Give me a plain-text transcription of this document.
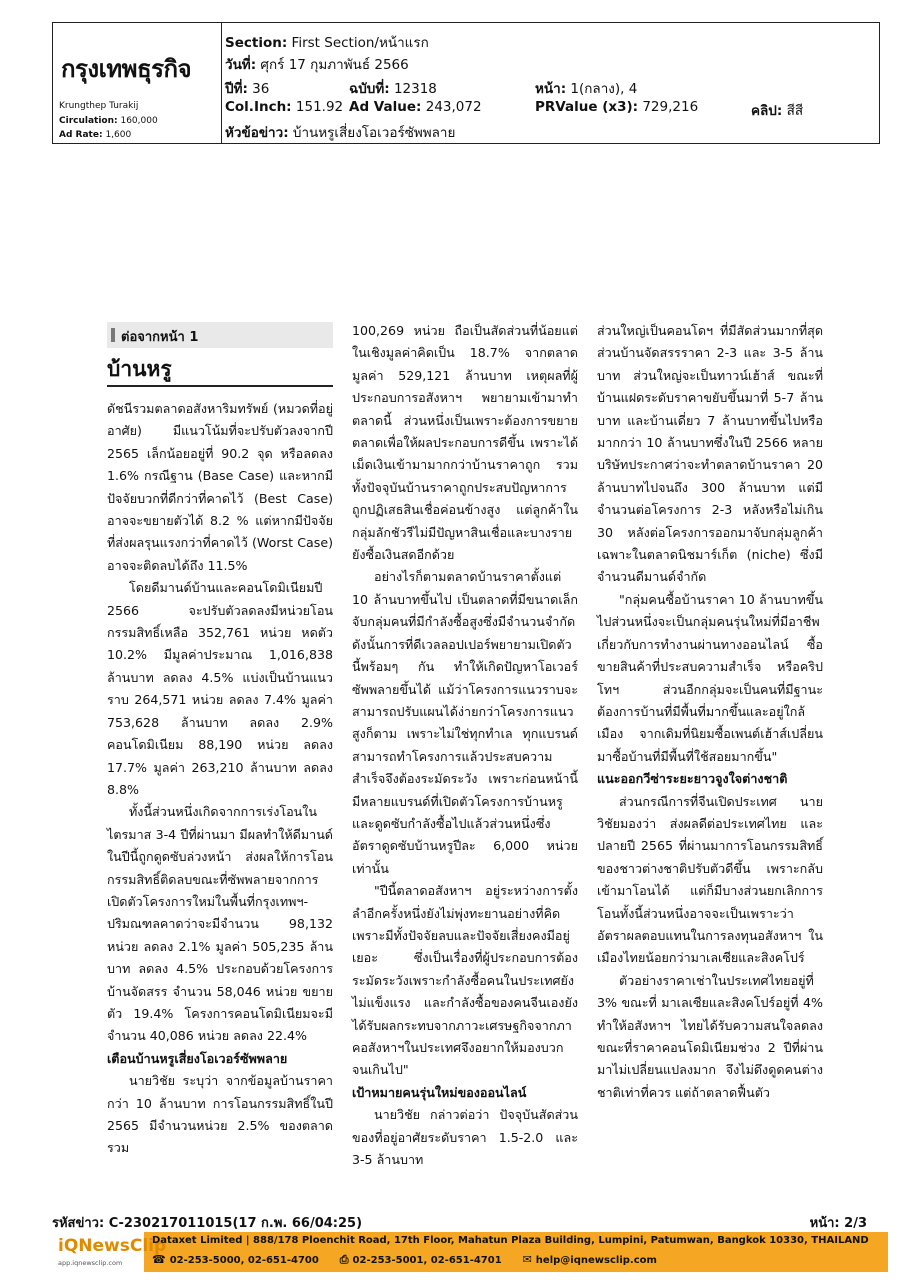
กรุงเทพธุรกิจ
Krungthep Turakij
Circulation: 160,000
Ad Rate: 1,600
Section: First Section/หน้าแรก
วันที่: ศุกร์ 17 กุมภาพันธ์ 2566
ปีที่: 36	ฉบับที่: 12318	หน้า: 1(กลาง), 4
Col.Inch: 151.92 Ad Value: 243,072	PRValue (x3): 729,216	คลิป: สีสี
หัวข้อข่าว: บ้านหรูเสี่ยงโอเวอร์ซัพพลาย
ต่อจากหน้า 1
บ้านหรู

ดัชนีรวมตลาดอสังหาริมทรัพย์ (หมวดที่อยู่อาศัย) มีแนวโน้มที่จะปรับตัวลงจากปี 2565 เล็กน้อยอยู่ที่ 90.2 จุด หรือลดลง 1.6% กรณีฐาน (Base Case) และหากมีปัจจัยบวกที่ดีกว่าที่คาดไว้ (Best Case) อาจจะขยายตัวได้ 8.2 % แต่หากมีปัจจัยที่ส่งผลรุนแรงกว่าที่คาดไว้ (Worst Case) อาจจะติดลบได้ถึง 11.5%

โดยดีมานด์บ้านและคอนโดมิเนียมปี 2566 จะปรับตัวลดลงมีหน่วยโอนกรรมสิทธิ์เหลือ 352,761 หน่วย หดตัว 10.2% มีมูลค่าประมาณ 1,016,838 ล้านบาท ลดลง 4.5% แบ่งเป็นบ้านแนวราบ 264,571 หน่วย ลดลง 7.4% มูลค่า 753,628 ล้านบาท ลดลง 2.9% คอนโดมิเนียม 88,190 หน่วย ลดลง 17.7% มูลค่า 263,210 ล้านบาท ลดลง 8.8%

ทั้งนี้ส่วนหนึ่งเกิดจากการเร่งโอนในไตรมาส 3-4 ปีที่ผ่านมา มีผลทำให้ดีมานด์ในปีนี้ถูกดูดซับล่วงหน้า ส่งผลให้การโอนกรรมสิทธิ์ติดลบขณะที่ซัพพลายจากการเปิดตัวโครงการใหม่ในพื้นที่กรุงเทพฯ-ปริมณฑลคาดว่าจะมีจำนวน 98,132 หน่วย ลดลง 2.1% มูลค่า 505,235 ล้านบาท ลดลง 4.5% ประกอบด้วยโครงการบ้านจัดสรร จำนวน 58,046 หน่วย ขยายตัว 19.4% โครงการคอนโดมิเนียมจะมีจำนวน 40,086 หน่วย ลดลง 22.4%

เตือนบ้านหรูเสี่ยงโอเวอร์ซัพพลาย

นายวิชัย ระบุว่า จากข้อมูลบ้านราคากว่า 10 ล้านบาท การโอนกรรมสิทธิ์ในปี 2565 มีจำนวนหน่วย 2.5% ของตลาดรวม

100,269 หน่วย ถือเป็นสัดส่วนที่น้อยแต่ในเชิงมูลค่าคิดเป็น 18.7% จากตลาดมูลค่า 529,121 ล้านบาท เหตุผลที่ผู้ประกอบการอสังหาฯ พยายามเข้ามาทำตลาดนี้ ส่วนหนึ่งเป็นเพราะต้องการขยายตลาดเพื่อให้ผลประกอบการดีขึ้น เพราะได้เม็ดเงินเข้ามามากกว่าบ้านราคาถูก รวมทั้งปัจจุบันบ้านราคาถูกประสบปัญหาการถูกปฏิเสธสินเชื่อค่อนข้างสูง แต่ลูกค้าในกลุ่มลักชัวรีไม่มีปัญหาสินเชื่อและบางรายยังซื้อเงินสดอีกด้วย

อย่างไรก็ตามตลาดบ้านราคาตั้งแต่ 10 ล้านบาทขึ้นไป เป็นตลาดที่มีขนาดเล็กจับกลุ่มคนที่มีกำลังซื้อสูงซึ่งมีจำนวนจำกัด ดังนั้นการที่ดีเวลลอปเปอร์พยายามเปิดตัวนี้พร้อมๆ กัน ทำให้เกิดปัญหาโอเวอร์ซัพพลายขึ้นได้ แม้ว่าโครงการแนวราบจะสามารถปรับแผนได้ง่ายกว่าโครงการแนวสูงก็ตาม เพราะไม่ใช่ทุกทำเล ทุกแบรนด์สามารถทำโครงการแล้วประสบความสำเร็จจึงต้องระมัดระวัง เพราะก่อนหน้านี้มีหลายแบรนด์ที่เปิดตัวโครงการบ้านหรูและดูดซับกำลังซื้อไปแล้วส่วนหนึ่งซึ่งอัตราดูดซับบ้านหรูปีละ 6,000 หน่วยเท่านั้น

"ปีนี้ตลาดอสังหาฯ อยู่ระหว่างการตั้งลำอีกครั้งหนึ่งยังไม่พุ่งทะยานอย่างที่คิดเพราะมีทั้งปัจจัยลบและปัจจัยเสี่ยงคงมีอยู่เยอะ ซึ่งเป็นเรื่องที่ผู้ประกอบการต้องระมัดระวังเพราะกำลังซื้อคนในประเทศยังไม่แข็งแรง และกำลังซื้อของคนจีนเองยังได้รับผลกระทบจากภาวะเศรษฐกิจจากภาคอสังหาฯในประเทศจึงอยากให้มองบวกจนเกินไป"

เป้าหมายคนรุ่นใหม่ของออนไลน์

นายวิชัย กล่าวต่อว่า ปัจจุบันสัดส่วนของที่อยู่อาศัยระดับราคา 1.5-2.0 และ 3-5 ล้านบาท

ส่วนใหญ่เป็นคอนโดฯ ที่มีสัดส่วนมากที่สุด ส่วนบ้านจัดสรรราคา 2-3 และ 3-5 ล้านบาท ส่วนใหญ่จะเป็นทาวน์เฮ้าส์ ขณะที่บ้านแฝดระดับราคาขยับขึ้นมาที่ 5-7 ล้านบาท และบ้านเดี่ยว 7 ล้านบาทขึ้นไปหรือมากกว่า 10 ล้านบาทซึ่งในปี 2566 หลายบริษัทประกาศว่าจะทำตลาดบ้านราคา 20 ล้านบาทไปจนถึง 300 ล้านบาท แต่มีจำนวนต่อโครงการ 2-3 หลังหรือไม่เกิน 30 หลังต่อโครงการออกมาจับกลุ่มลูกค้าเฉพาะในตลาดนิชมาร์เก็ต (niche) ซึ่งมีจำนวนดีมานด์จำกัด

"กลุ่มคนซื้อบ้านราคา 10 ล้านบาทขึ้นไปส่วนหนึ่งจะเป็นกลุ่มคนรุ่นใหม่ที่มีอาชีพเกี่ยวกับการทำงานผ่านทางออนไลน์ ซื้อขายสินค้าที่ประสบความสำเร็จ หรือคริปโทฯ ส่วนอีกกลุ่มจะเป็นคนที่มีฐานะต้องการบ้านที่มีพื้นที่มากขึ้นและอยู่ใกล้เมือง จากเดิมที่นิยมซื้อเพนต์เฮ้าส์เปลี่ยนมาซื้อบ้านที่มีพื้นที่ใช้สอยมากขึ้น"

แนะออกวีซ่าระยะยาวจูงใจต่างชาติ

ส่วนกรณีการที่จีนเปิดประเทศ นายวิชัยมองว่า ส่งผลดีต่อประเทศไทย และปลายปี 2565 ที่ผ่านมาการโอนกรรมสิทธิ์ของชาวต่างชาติปรับตัวดีขึ้น เพราะกลับเข้ามาโอนได้ แต่ก็มีบางส่วนยกเลิกการโอนทั้งนี้ส่วนหนึ่งอาจจะเป็นเพราะว่า อัตราผลตอบแทนในการลงทุนอสังหาฯ ในเมืองไทยน้อยกว่ามาเลเซียและสิงคโปร์

ตัวอย่างราคาเช่าในประเทศไทยอยู่ที่ 3% ขณะที่ มาเลเซียและสิงคโปร์อยู่ที่ 4% ทำให้อสังหาฯ ไทยได้รับความสนใจลดลง ขณะที่ราคาคอนโดมิเนียมช่วง 2 ปีที่ผ่านมาไม่เปลี่ยนแปลงมาก จึงไม่ดึงดูดคนต่างชาติเท่าที่ควร แต่ถ้าตลาดฟื้นตัว

รหัสข่าว: C-230217011015(17 ก.พ. 66/04:25)	หน้า: 2/3
iQNewsClip
app.iqnewsclip.com
Dataxet Limited | 888/178 Ploenchit Road, 17th Floor, Mahatun Plaza Building, Lumpini, Patumwan, Bangkok 10330, THAILAND
☎ 02-253-5000, 02-651-4700 ⎙ 02-253-5001, 02-651-4701 ✉ help@iqnewsclip.com
